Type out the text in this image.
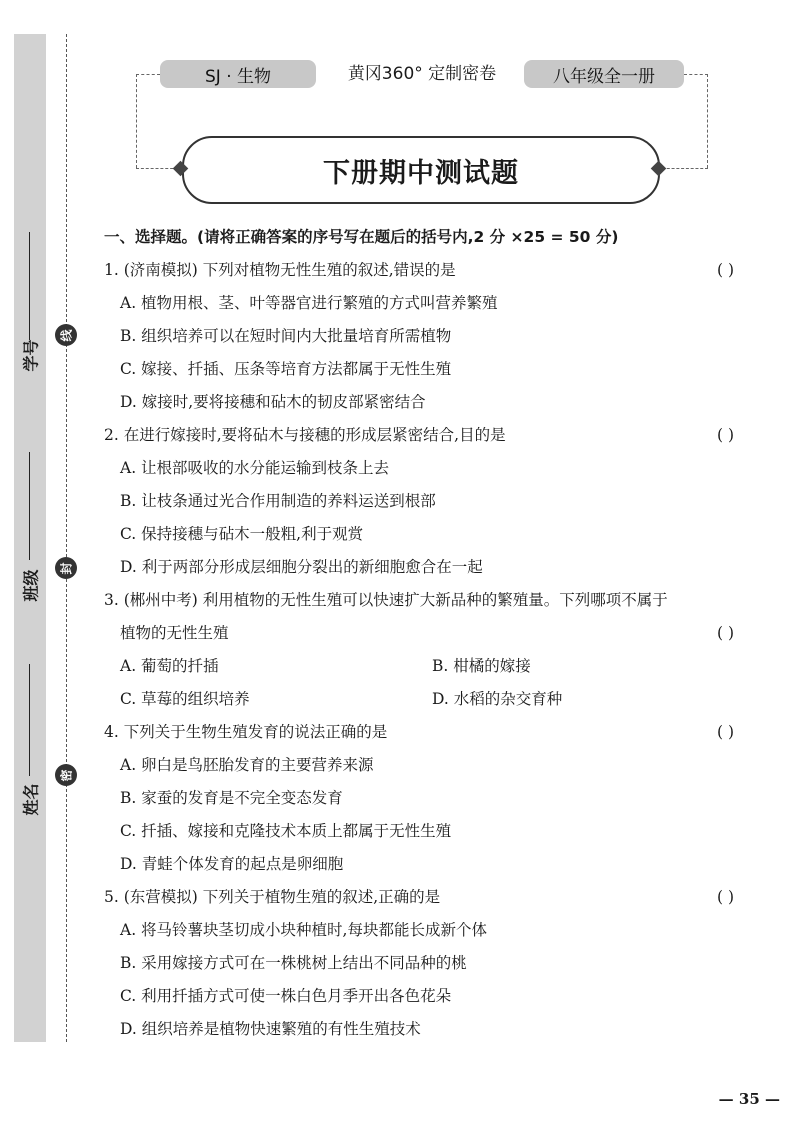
学号
班级
姓名
线
封
密
SJ · 生物	黄冈360° 定制密卷	八年级全一册
下册期中测试题
一、选择题。(请将正确答案的序号写在题后的括号内,2 分 ×25 = 50 分)
1. (济南模拟) 下列对植物无性生殖的叙述,错误的是	( )
A. 植物用根、茎、叶等器官进行繁殖的方式叫营养繁殖
B. 组织培养可以在短时间内大批量培育所需植物
C. 嫁接、扦插、压条等培育方法都属于无性生殖
D. 嫁接时,要将接穗和砧木的韧皮部紧密结合
2. 在进行嫁接时,要将砧木与接穗的形成层紧密结合,目的是	( )
A. 让根部吸收的水分能运输到枝条上去
B. 让枝条通过光合作用制造的养料运送到根部
C. 保持接穗与砧木一般粗,利于观赏
D. 利于两部分形成层细胞分裂出的新细胞愈合在一起
3. (郴州中考) 利用植物的无性生殖可以快速扩大新品种的繁殖量。下列哪项不属于
植物的无性生殖	( )
A. 葡萄的扦插	B. 柑橘的嫁接
C. 草莓的组织培养	D. 水稻的杂交育种
4. 下列关于生物生殖发育的说法正确的是	( )
A. 卵白是鸟胚胎发育的主要营养来源
B. 家蚕的发育是不完全变态发育
C. 扦插、嫁接和克隆技术本质上都属于无性生殖
D. 青蛙个体发育的起点是卵细胞
5. (东营模拟) 下列关于植物生殖的叙述,正确的是	( )
A. 将马铃薯块茎切成小块种植时,每块都能长成新个体
B. 采用嫁接方式可在一株桃树上结出不同品种的桃
C. 利用扦插方式可使一株白色月季开出各色花朵
D. 组织培养是植物快速繁殖的有性生殖技术
— 35 —
